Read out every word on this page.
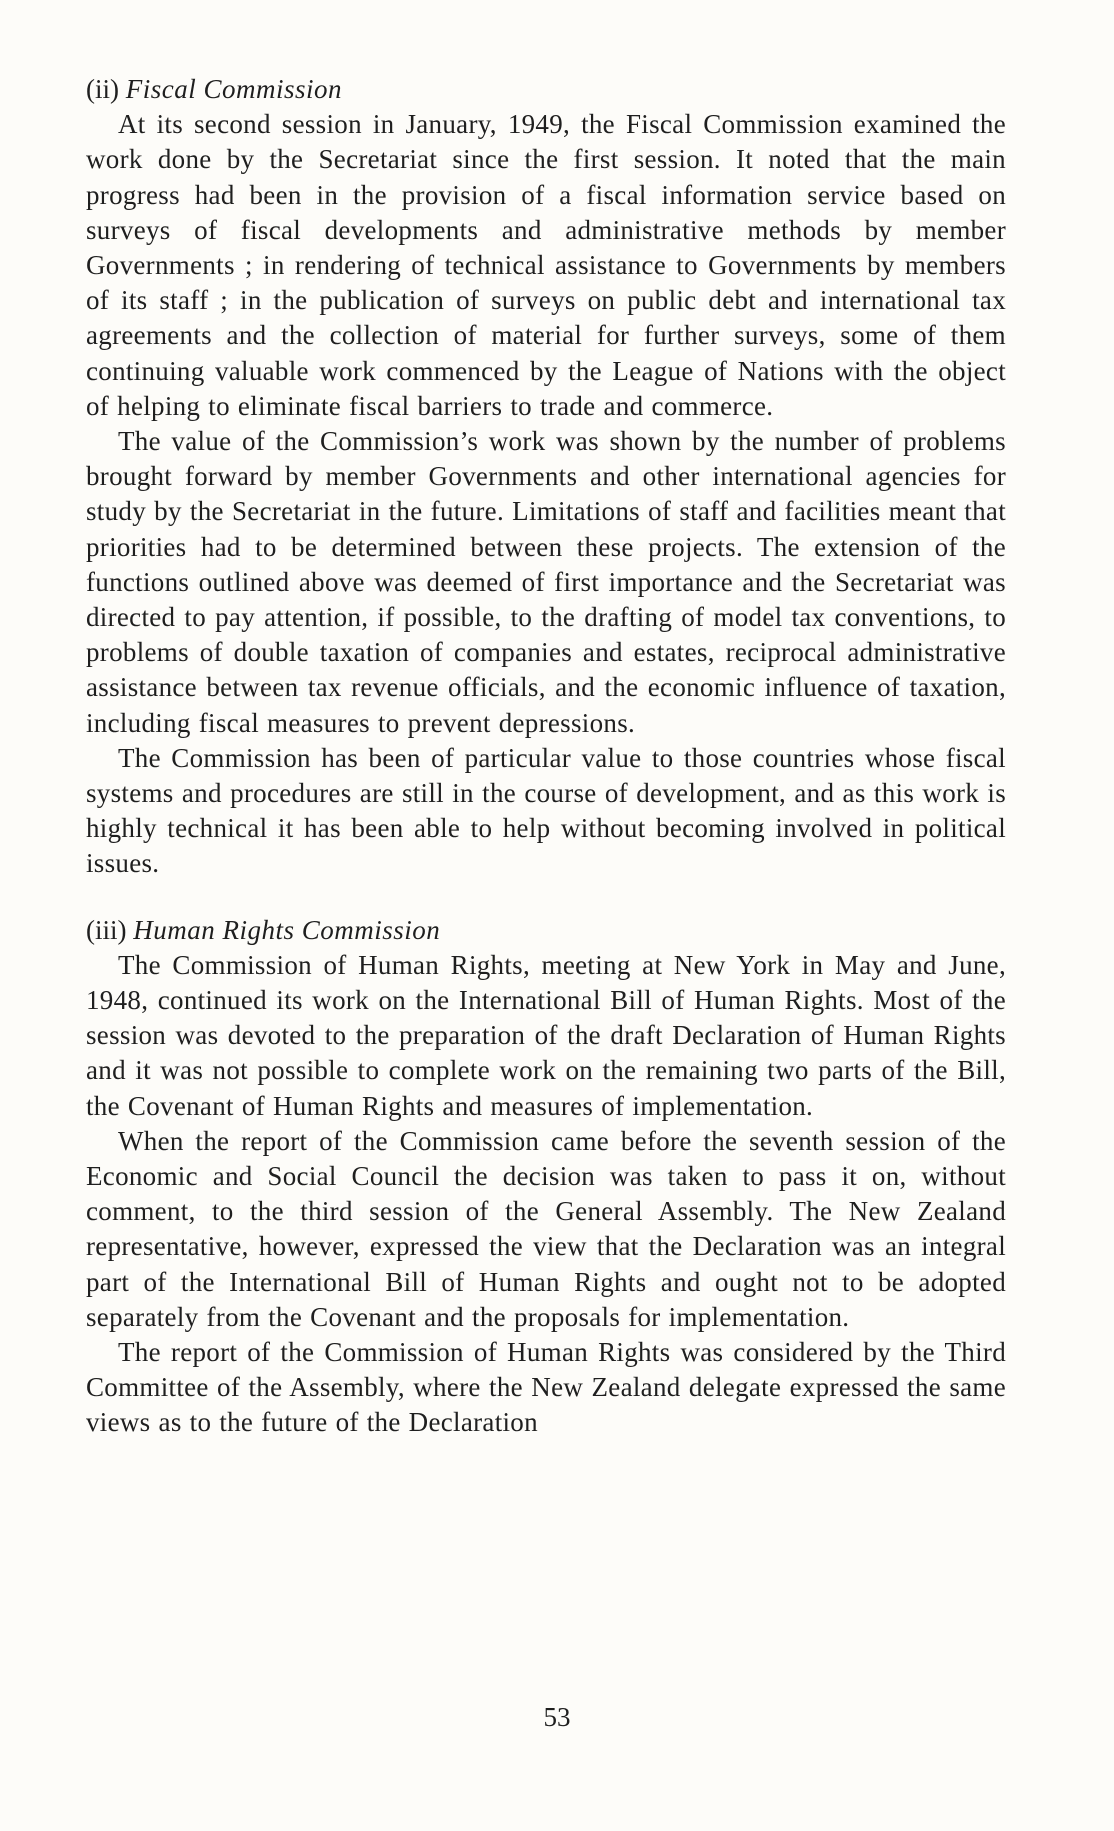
(ii) Fiscal Commission

At its second session in January, 1949, the Fiscal Commission examined the work done by the Secretariat since the first session. It noted that the main progress had been in the provision of a fiscal information service based on surveys of fiscal developments and administrative methods by member Governments ; in rendering of technical assistance to Governments by members of its staff ; in the publication of surveys on public debt and international tax agreements and the collection of material for further surveys, some of them continuing valuable work commenced by the League of Nations with the object of helping to eliminate fiscal barriers to trade and commerce.

The value of the Commission’s work was shown by the number of problems brought forward by member Governments and other international agencies for study by the Secretariat in the future. Limitations of staff and facilities meant that priorities had to be determined between these projects. The extension of the functions outlined above was deemed of first importance and the Secretariat was directed to pay attention, if possible, to the drafting of model tax conventions, to problems of double taxation of companies and estates, reciprocal administrative assistance between tax revenue officials, and the economic influence of taxation, including fiscal measures to prevent depressions.

The Commission has been of particular value to those countries whose fiscal systems and procedures are still in the course of development, and as this work is highly technical it has been able to help without becoming involved in political issues.

(iii) Human Rights Commission

The Commission of Human Rights, meeting at New York in May and June, 1948, continued its work on the International Bill of Human Rights. Most of the session was devoted to the preparation of the draft Declaration of Human Rights and it was not possible to complete work on the remaining two parts of the Bill, the Covenant of Human Rights and measures of implementation.

When the report of the Commission came before the seventh session of the Economic and Social Council the decision was taken to pass it on, without comment, to the third session of the General Assembly. The New Zealand representative, however, expressed the view that the Declaration was an integral part of the International Bill of Human Rights and ought not to be adopted separately from the Covenant and the proposals for implementation.

The report of the Commission of Human Rights was considered by the Third Committee of the Assembly, where the New Zealand delegate expressed the same views as to the future of the Declaration

53
